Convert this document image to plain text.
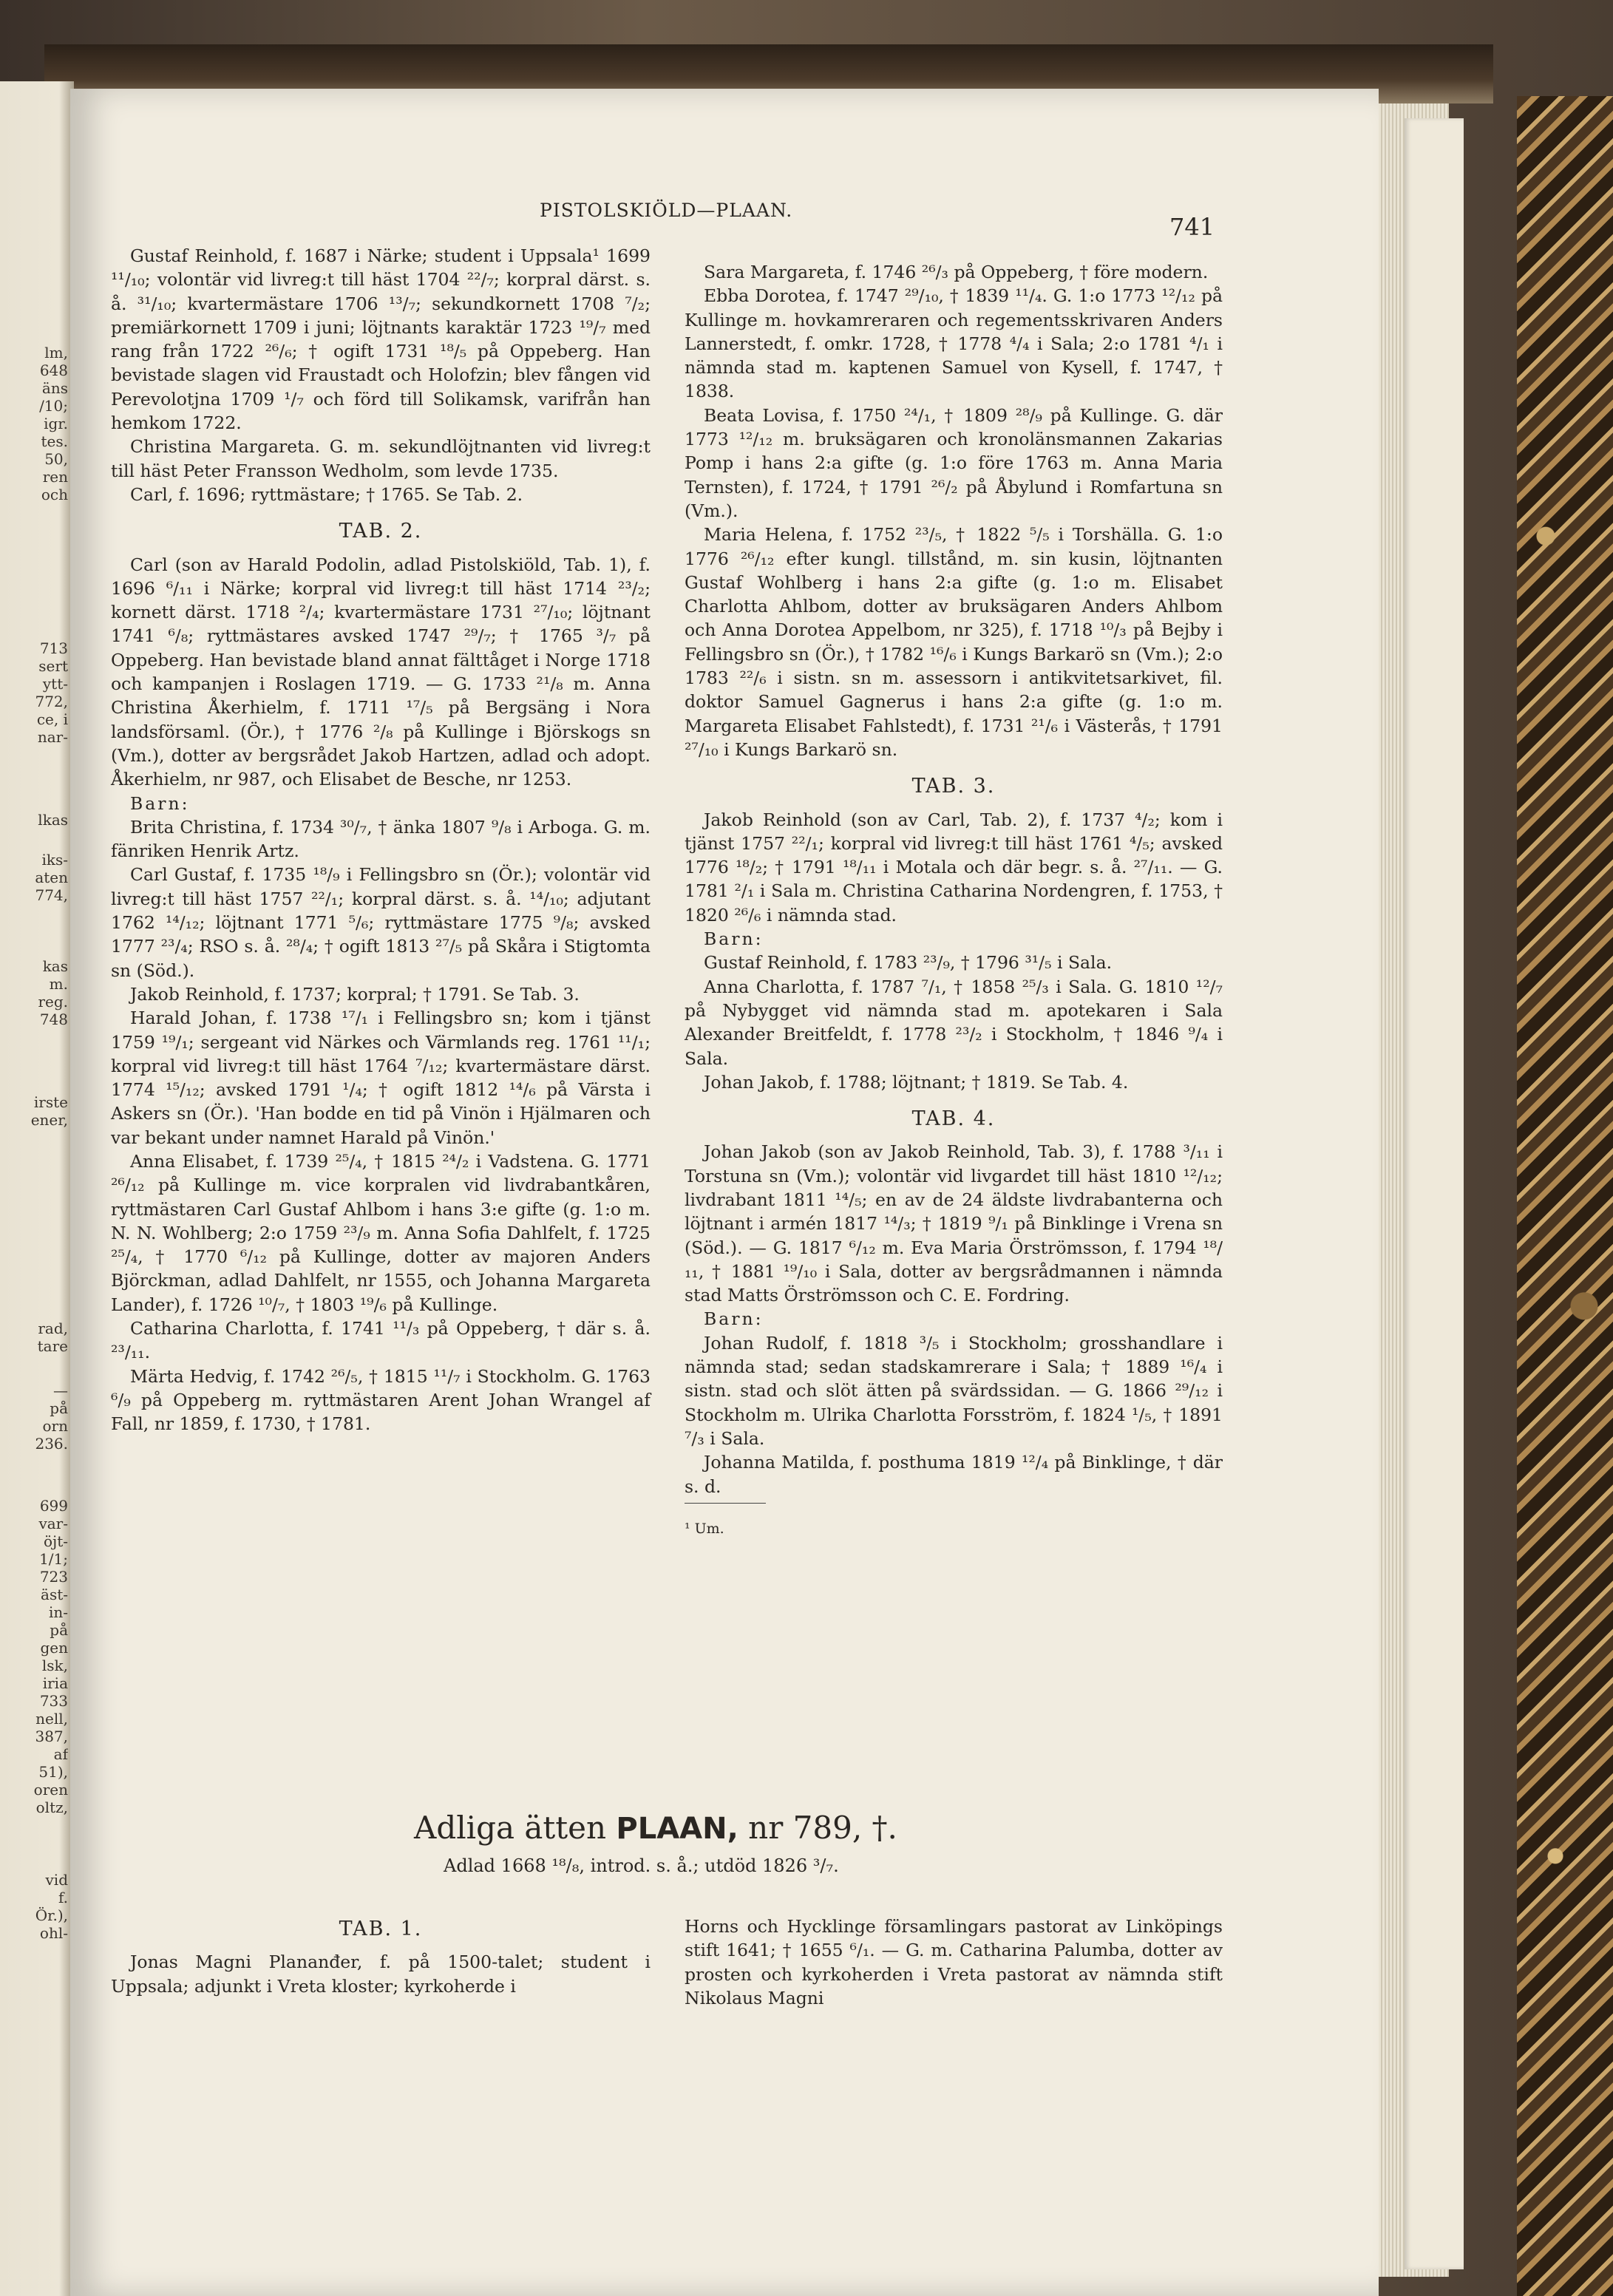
lm,
648
äns
/10;
igr.
tes.
50,
ren
och
713
sert
ytt-
772,
ce, i
nar-
lkas
iks-
aten
774,
kas
m.
reg.
748
irste
ener,
rad,
tare
—
på
orn
236.
699
var-
öjt-
1/1;
723
äst-
in-
på
gen
lsk,
iria
733
nell,
387,
af
51),
oren
oltz,
vid
f.
Ör.),
ohl-
PISTOLSKIÖLD—PLAAN.
741

Gustaf Reinhold, f. 1687 i Närke; student i Uppsala¹ 1699 ¹¹/₁₀; volontär vid livreg:t till häst 1704 ²²/₇; korpral därst. s. å. ³¹/₁₀; kvartermästare 1706 ¹³/₇; sekundkornett 1708 ⁷/₂; premiärkornett 1709 i juni; löjtnants karaktär 1723 ¹⁹/₇ med rang från 1722 ²⁶/₆; † ogift 1731 ¹⁸/₅ på Oppeberg. Han bevistade slagen vid Fraustadt och Holofzin; blev fången vid Perevolotjna 1709 ¹/₇ och förd till Solikamsk, varifrån han hemkom 1722.

Christina Margareta. G. m. sekundlöjtnanten vid livreg:t till häst Peter Fransson Wedholm, som levde 1735.

Carl, f. 1696; ryttmästare; † 1765. Se Tab. 2.

TAB. 2.

Carl (son av Harald Podolin, adlad Pistolskiöld, Tab. 1), f. 1696 ⁶/₁₁ i Närke; korpral vid livreg:t till häst 1714 ²³/₂; kornett därst. 1718 ²/₄; kvartermästare 1731 ²⁷/₁₀; löjtnant 1741 ⁶/₈; ryttmästares avsked 1747 ²⁹/₇; † 1765 ³/₇ på Oppeberg. Han bevistade bland annat fälttåget i Norge 1718 och kampanjen i Roslagen 1719. — G. 1733 ²¹/₈ m. Anna Christina Åkerhielm, f. 1711 ¹⁷/₅ på Bergsäng i Nora landsförsaml. (Ör.), † 1776 ²/₈ på Kullinge i Björskogs sn (Vm.), dotter av bergsrådet Jakob Hartzen, adlad och adopt. Åkerhielm, nr 987, och Elisabet de Besche, nr 1253.

Barn:

Brita Christina, f. 1734 ³⁰/₇, † änka 1807 ⁹/₈ i Arboga. G. m. fänriken Henrik Artz.

Carl Gustaf, f. 1735 ¹⁸/₉ i Fellingsbro sn (Ör.); volontär vid livreg:t till häst 1757 ²²/₁; korpral därst. s. å. ¹⁴/₁₀; adjutant 1762 ¹⁴/₁₂; löjtnant 1771 ⁵/₆; ryttmästare 1775 ⁹/₈; avsked 1777 ²³/₄; RSO s. å. ²⁸/₄; † ogift 1813 ²⁷/₅ på Skåra i Stigtomta sn (Söd.).

Jakob Reinhold, f. 1737; korpral; † 1791. Se Tab. 3.

Harald Johan, f. 1738 ¹⁷/₁ i Fellingsbro sn; kom i tjänst 1759 ¹⁹/₁; sergeant vid Närkes och Värmlands reg. 1761 ¹¹/₁; korpral vid livreg:t till häst 1764 ⁷/₁₂; kvartermästare därst. 1774 ¹⁵/₁₂; avsked 1791 ¹/₄; † ogift 1812 ¹⁴/₆ på Värsta i Askers sn (Ör.). 'Han bodde en tid på Vinön i Hjälmaren och var bekant under namnet Harald på Vinön.'

Anna Elisabet, f. 1739 ²⁵/₄, † 1815 ²⁴/₂ i Vadstena. G. 1771 ²⁶/₁₂ på Kullinge m. vice korpralen vid livdrabantkåren, ryttmästaren Carl Gustaf Ahlbom i hans 3:e gifte (g. 1:o m. N. N. Wohlberg; 2:o 1759 ²³/₉ m. Anna Sofia Dahlfelt, f. 1725 ²⁵/₄, † 1770 ⁶/₁₂ på Kullinge, dotter av majoren Anders Björckman, adlad Dahlfelt, nr 1555, och Johanna Margareta Lander), f. 1726 ¹⁰/₇, † 1803 ¹⁹/₆ på Kullinge.

Catharina Charlotta, f. 1741 ¹¹/₃ på Oppeberg, † där s. å. ²³/₁₁.

Märta Hedvig, f. 1742 ²⁶/₅, † 1815 ¹¹/₇ i Stockholm. G. 1763 ⁶/₉ på Oppeberg m. ryttmästaren Arent Johan Wrangel af Fall, nr 1859, f. 1730, † 1781.

Sara Margareta, f. 1746 ²⁶/₃ på Oppeberg, † före modern.

Ebba Dorotea, f. 1747 ²⁹/₁₀, † 1839 ¹¹/₄. G. 1:o 1773 ¹²/₁₂ på Kullinge m. hovkamreraren och regementsskrivaren Anders Lannerstedt, f. omkr. 1728, † 1778 ⁴/₄ i Sala; 2:o 1781 ⁴/₁ i nämnda stad m. kaptenen Samuel von Kysell, f. 1747, † 1838.

Beata Lovisa, f. 1750 ²⁴/₁, † 1809 ²⁸/₉ på Kullinge. G. där 1773 ¹²/₁₂ m. bruksägaren och kronolänsmannen Zakarias Pomp i hans 2:a gifte (g. 1:o före 1763 m. Anna Maria Ternsten), f. 1724, † 1791 ²⁶/₂ på Åbylund i Romfartuna sn (Vm.).

Maria Helena, f. 1752 ²³/₅, † 1822 ⁵/₅ i Torshälla. G. 1:o 1776 ²⁶/₁₂ efter kungl. tillstånd, m. sin kusin, löjtnanten Gustaf Wohlberg i hans 2:a gifte (g. 1:o m. Elisabet Charlotta Ahlbom, dotter av bruksägaren Anders Ahlbom och Anna Dorotea Appelbom, nr 325), f. 1718 ¹⁰/₃ på Bejby i Fellingsbro sn (Ör.), † 1782 ¹⁶/₆ i Kungs Barkarö sn (Vm.); 2:o 1783 ²²/₆ i sistn. sn m. assessorn i antikvitetsarkivet, fil. doktor Samuel Gagnerus i hans 2:a gifte (g. 1:o m. Margareta Elisabet Fahlstedt), f. 1731 ²¹/₆ i Västerås, † 1791 ²⁷/₁₀ i Kungs Barkarö sn.

TAB. 3.

Jakob Reinhold (son av Carl, Tab. 2), f. 1737 ⁴/₂; kom i tjänst 1757 ²²/₁; korpral vid livreg:t till häst 1761 ⁴/₅; avsked 1776 ¹⁸/₂; † 1791 ¹⁸/₁₁ i Motala och där begr. s. å. ²⁷/₁₁. — G. 1781 ²/₁ i Sala m. Christina Catharina Nordengren, f. 1753, † 1820 ²⁶/₆ i nämnda stad.

Barn:

Gustaf Reinhold, f. 1783 ²³/₉, † 1796 ³¹/₅ i Sala.

Anna Charlotta, f. 1787 ⁷/₁, † 1858 ²⁵/₃ i Sala. G. 1810 ¹²/₇ på Nybygget vid nämnda stad m. apotekaren i Sala Alexander Breitfeldt, f. 1778 ²³/₂ i Stockholm, † 1846 ⁹/₄ i Sala.

Johan Jakob, f. 1788; löjtnant; † 1819. Se Tab. 4.

TAB. 4.

Johan Jakob (son av Jakob Reinhold, Tab. 3), f. 1788 ³/₁₁ i Torstuna sn (Vm.); volontär vid livgardet till häst 1810 ¹²/₁₂; livdrabant 1811 ¹⁴/₅; en av de 24 äldste livdrabanterna och löjtnant i armén 1817 ¹⁴/₃; † 1819 ⁹/₁ på Binklinge i Vrena sn (Söd.). — G. 1817 ⁶/₁₂ m. Eva Maria Örströmsson, f. 1794 ¹⁸/₁₁, † 1881 ¹⁹/₁₀ i Sala, dotter av bergsrådmannen i nämnda stad Matts Örströmsson och C. E. Fordring.

Barn:

Johan Rudolf, f. 1818 ³/₅ i Stockholm; grosshandlare i nämnda stad; sedan stadskamrerare i Sala; † 1889 ¹⁶/₄ i sistn. stad och slöt ätten på svärdssidan. — G. 1866 ²⁹/₁₂ i Stockholm m. Ulrika Charlotta Forsström, f. 1824 ¹/₅, † 1891 ⁷/₃ i Sala.

Johanna Matilda, f. posthuma 1819 ¹²/₄ på Binklinge, † där s. d.

¹ Um.

Adliga ätten PLAAN, nr 789, †.
Adlad 1668 ¹⁸/₈, introd. s. å.; utdöd 1826 ³/₇.

TAB. 1.

Jonas Magni Plananđer, f. på 1500-talet; student i Uppsala; adjunkt i Vreta kloster; kyrkoherde i

Horns och Hycklinge församlingars pastorat av Linköpings stift 1641; † 1655 ⁶/₁. — G. m. Catharina Palumba, dotter av prosten och kyrkoherden i Vreta pastorat av nämnda stift Nikolaus Magni
